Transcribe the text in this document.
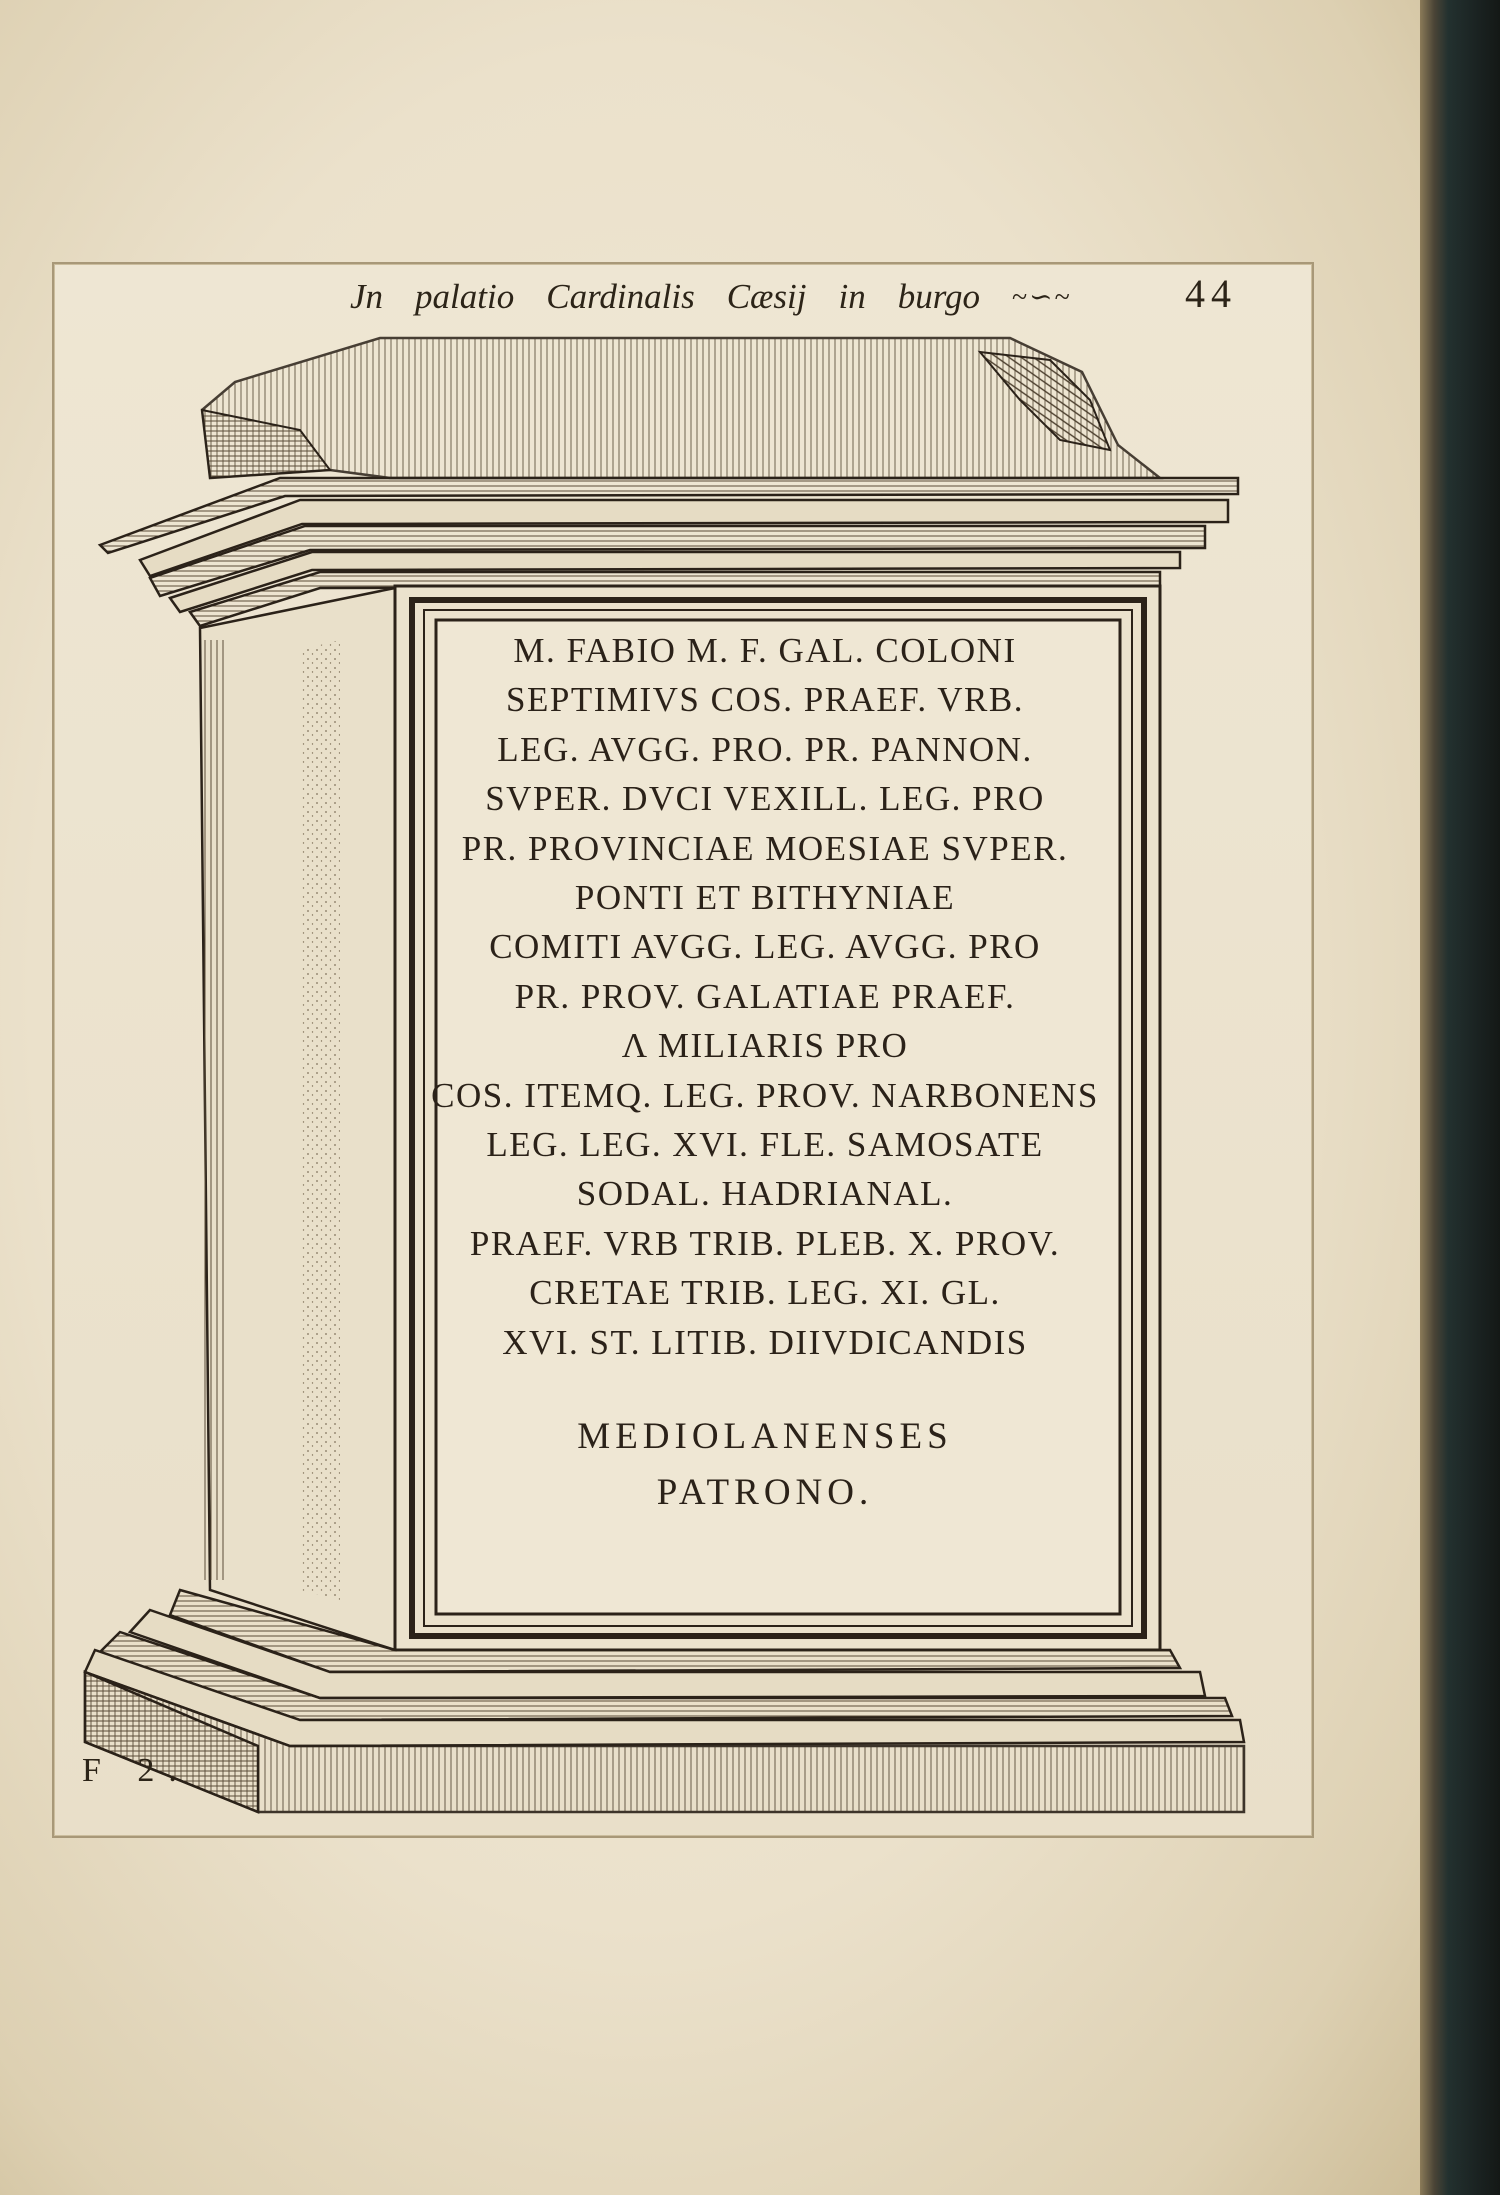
Jn palatio Cardinalis Cæsij in burgo ~∽~	44
M. FABIO M. F. GAL. COLONI
SEPTIMIVS COS. PRAEF. VRB.
LEG. AVGG. PRO. PR. PANNON.
SVPER. DVCI VEXILL. LEG. PRO
PR. PROVINCIAE MOESIAE SVPER.
PONTI ET BITHYNIAE
COMITI AVGG. LEG. AVGG. PRO
PR. PROV. GALATIAE PRAEF.
Λ MILIARIS PRO
COS. ITEMQ. LEG. PROV. NARBONENS
LEG. LEG. XVI. FLE. SAMOSATE
SODAL. HADRIANAL.
PRAEF. VRB TRIB. PLEB. X. PROV.
CRETAE TRIB. LEG. XI. GL.
XVI. ST. LITIB. DIIVDICANDIS
MEDIOLANENSES
PATRONO.
F 2.
